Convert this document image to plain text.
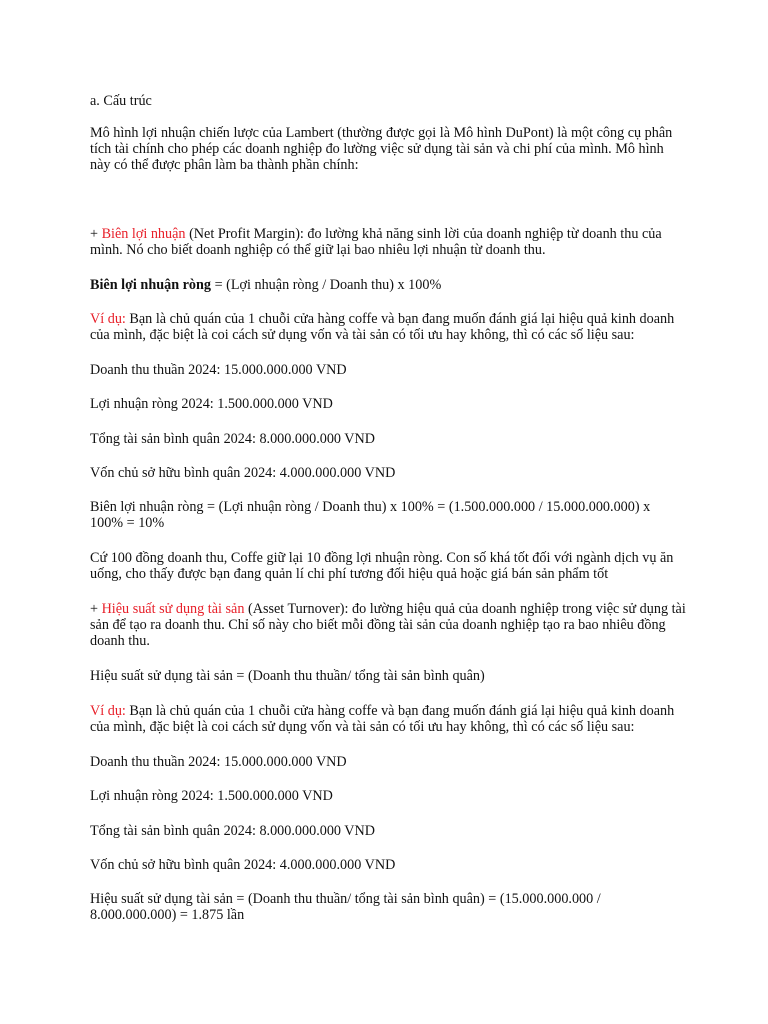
a. Cấu trúc

Mô hình lợi nhuận chiến lược của Lambert (thường được gọi là Mô hình DuPont) là một công cụ phân tích tài chính cho phép các doanh nghiệp đo lường việc sử dụng tài sản và chi phí của mình. Mô hình này có thể được phân làm ba thành phần chính:

+ Biên lợi nhuận (Net Profit Margin): đo lường khả năng sinh lời của doanh nghiệp từ doanh thu của mình. Nó cho biết doanh nghiệp có thể giữ lại bao nhiêu lợi nhuận từ doanh thu.

Biên lợi nhuận ròng = (Lợi nhuận ròng / Doanh thu) x 100%

Ví dụ: Bạn là chủ quán của 1 chuỗi cửa hàng coffe và bạn đang muốn đánh giá lại hiệu quả kinh doanh của mình, đặc biệt là coi cách sử dụng vốn và tài sản có tối ưu hay không, thì có các số liệu sau:

Doanh thu thuần 2024: 15.000.000.000 VND

Lợi nhuận ròng 2024: 1.500.000.000 VND

Tổng tài sản bình quân 2024: 8.000.000.000 VND

Vốn chủ sở hữu bình quân 2024: 4.000.000.000 VND

Biên lợi nhuận ròng = (Lợi nhuận ròng / Doanh thu) x 100% = (1.500.000.000 / 15.000.000.000) x 100% = 10%

Cứ 100 đồng doanh thu, Coffe giữ lại 10 đồng lợi nhuận ròng. Con số khá tốt đối với ngành dịch vụ ăn uống, cho thấy được bạn đang quản lí chi phí tương đối hiệu quả hoặc giá bán sản phẩm tốt

+ Hiệu suất sử dụng tài sản (Asset Turnover): đo lường hiệu quả của doanh nghiệp trong việc sử dụng tài sản để tạo ra doanh thu. Chỉ số này cho biết mỗi đồng tài sản của doanh nghiệp tạo ra bao nhiêu đồng doanh thu.

Hiệu suất sử dụng tài sản = (Doanh thu thuần/ tổng tài sản bình quân)

Ví dụ: Bạn là chủ quán của 1 chuỗi cửa hàng coffe và bạn đang muốn đánh giá lại hiệu quả kinh doanh của mình, đặc biệt là coi cách sử dụng vốn và tài sản có tối ưu hay không, thì có các số liệu sau:

Doanh thu thuần 2024: 15.000.000.000 VND

Lợi nhuận ròng 2024: 1.500.000.000 VND

Tổng tài sản bình quân 2024: 8.000.000.000 VND

Vốn chủ sở hữu bình quân 2024: 4.000.000.000 VND

Hiệu suất sử dụng tài sản = (Doanh thu thuần/ tổng tài sản bình quân) = (15.000.000.000 / 8.000.000.000) = 1.875 lần
